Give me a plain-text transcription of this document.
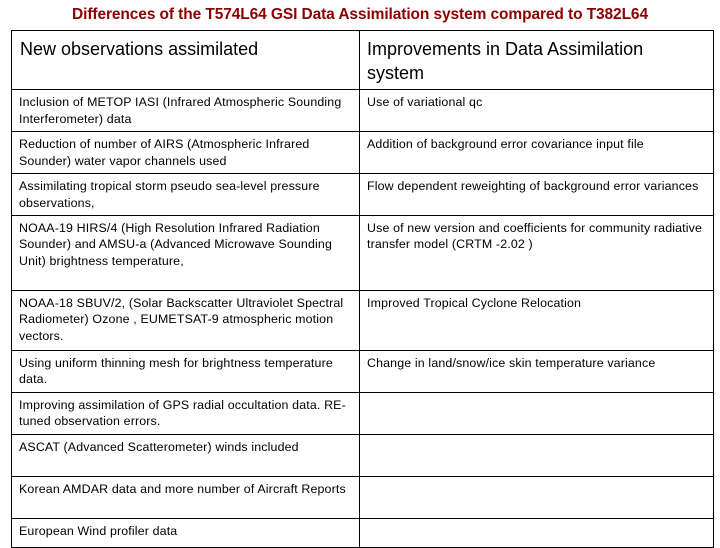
Differences of the T574L64 GSI Data Assimilation system compared to T382L64
New observations assimilated	Improvements in Data Assimilation system
Inclusion of METOP IASI (Infrared Atmospheric Sounding Interferometer) data	Use of variational qc
Reduction of number of AIRS (Atmospheric Infrared Sounder) water vapor channels used	Addition of background error covariance input file
Assimilating tropical storm pseudo sea-level pressure observations,	Flow dependent reweighting of background error variances
NOAA-19 HIRS/4 (High Resolution Infrared Radiation Sounder) and AMSU-a (Advanced Microwave Sounding Unit) brightness temperature,	Use of new version and coefficients for community radiative transfer model (CRTM -2.02 )
NOAA-18 SBUV/2, (Solar Backscatter Ultraviolet Spectral Radiometer) Ozone , EUMETSAT-9 atmospheric motion vectors.	Improved Tropical Cyclone Relocation
Using uniform thinning mesh for brightness temperature data.	Change in land/snow/ice skin temperature variance
Improving assimilation of GPS radial occultation data. RE-tuned observation errors.	
ASCAT (Advanced Scatterometer) winds included	
Korean AMDAR data and more number of Aircraft Reports	
European Wind profiler data	
